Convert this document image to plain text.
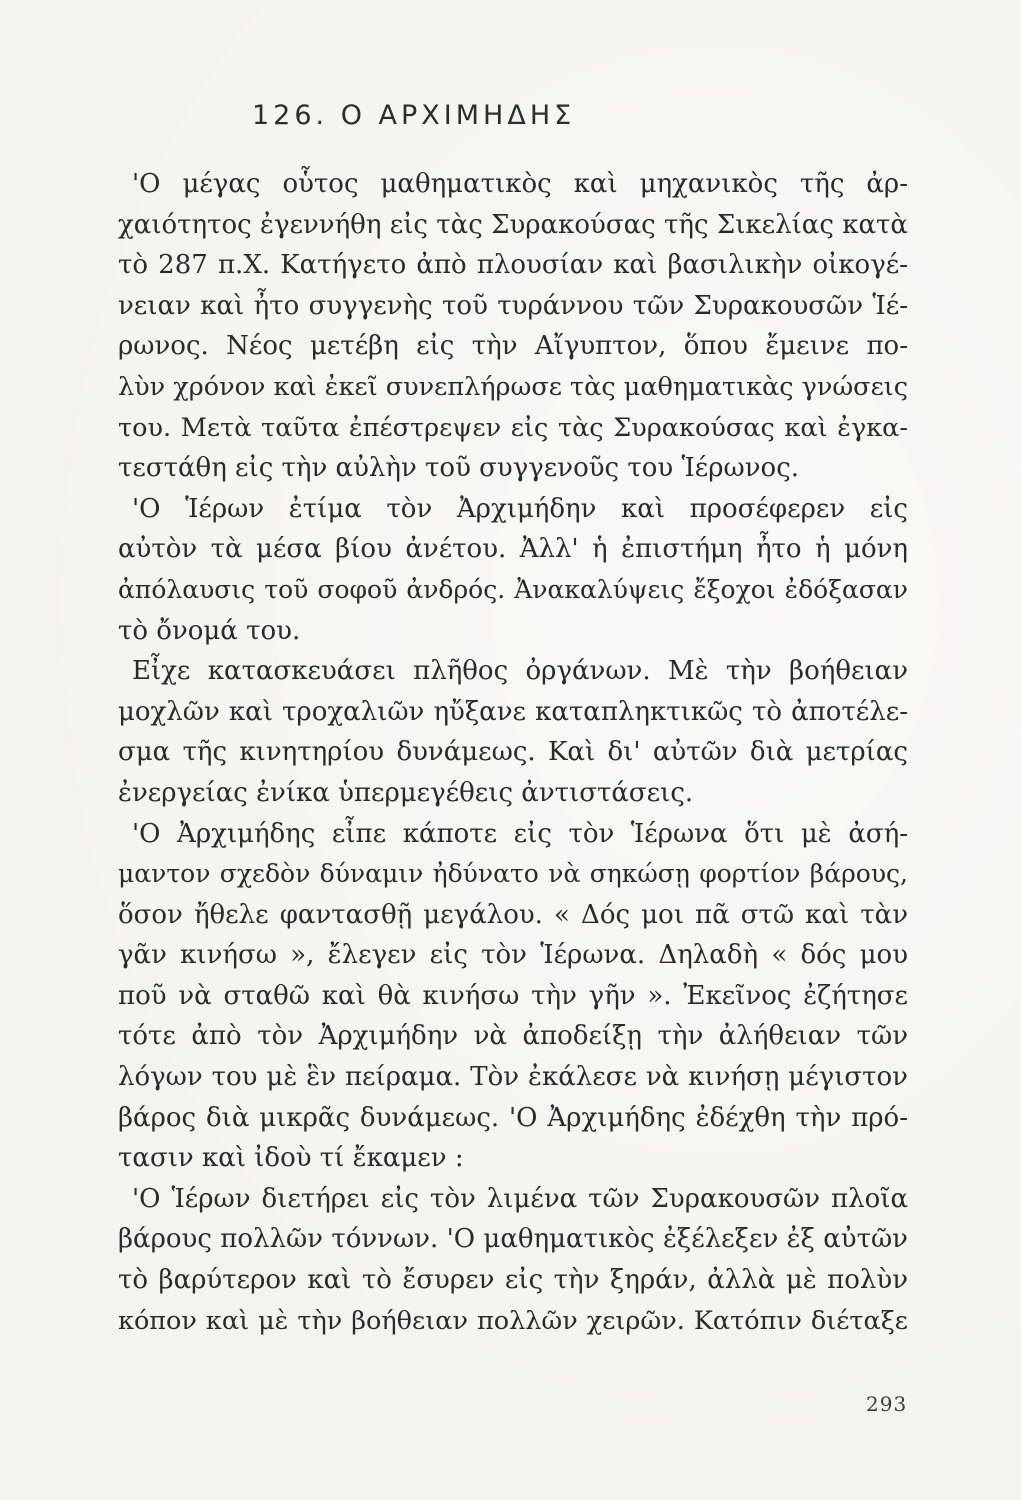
126. Ο ΑΡΧΙΜΗΔΗΣ
'Ο μέγας οὗτος μαθηματικὸς καὶ μηχανικὸς τῆς ἀρ-
χαιότητος ἐγεννήθη εἰς τὰς Συρακούσας τῆς Σικελίας κατὰ
τὸ 287 π.Χ. Κατήγετο ἀπὸ πλουσίαν καὶ βασιλικὴν οἰκογέ-
νειαν καὶ ἦτο συγγενὴς τοῦ τυράννου τῶν Συρακουσῶν Ἱέ-
ρωνος. Νέος μετέβη εἰς τὴν Αἴγυπτον, ὅπου ἔμεινε πο-
λὺν χρόνον καὶ ἐκεῖ συνεπλήρωσε τὰς μαθηματικὰς γνώσεις
του. Μετὰ ταῦτα ἐπέστρεψεν εἰς τὰς Συρακούσας καὶ ἐγκα-
τεστάθη εἰς τὴν αὐλὴν τοῦ συγγενοῦς του Ἱέρωνος.
'Ο Ἱέρων ἐτίμα τὸν Ἀρχιμήδην καὶ προσέφερεν εἰς
αὐτὸν τὰ μέσα βίου ἀνέτου. Ἀλλ' ἡ ἐπιστήμη ἦτο ἡ μόνη
ἀπόλαυσις τοῦ σοφοῦ ἀνδρός. Ἀνακαλύψεις ἔξοχοι ἐδόξασαν
τὸ ὄνομά του.
Εἶχε κατασκευάσει πλῆθος ὀργάνων. Μὲ τὴν βοήθειαν
μοχλῶν καὶ τροχαλιῶν ηὔξανε καταπληκτικῶς τὸ ἀποτέλε-
σμα τῆς κινητηρίου δυνάμεως. Καὶ δι' αὐτῶν διὰ μετρίας
ἐνεργείας ἐνίκα ὑπερμεγέθεις ἀντιστάσεις.
'Ο Ἀρχιμήδης εἶπε κάποτε εἰς τὸν Ἱέρωνα ὅτι μὲ ἀσή-
μαντον σχεδὸν δύναμιν ἠδύνατο νὰ σηκώσῃ φορτίον βάρους,
ὅσον ἤθελε φαντασθῇ μεγάλου. « Δός μοι πᾶ στῶ καὶ τὰν
γᾶν κινήσω », ἔλεγεν εἰς τὸν Ἱέρωνα. Δηλαδὴ « δός μου
ποῦ νὰ σταθῶ καὶ θὰ κινήσω τὴν γῆν ». Ἐκεῖνος ἐζήτησε
τότε ἀπὸ τὸν Ἀρχιμήδην νὰ ἀποδείξῃ τὴν ἀλήθειαν τῶν
λόγων του μὲ ἓν πείραμα. Τὸν ἐκάλεσε νὰ κινήσῃ μέγιστον
βάρος διὰ μικρᾶς δυνάμεως. 'Ο Ἀρχιμήδης ἐδέχθη τὴν πρό-
τασιν καὶ ἰδοὺ τί ἔκαμεν :
'Ο Ἱέρων διετήρει εἰς τὸν λιμένα τῶν Συρακουσῶν πλοῖα
βάρους πολλῶν τόννων. 'Ο μαθηματικὸς ἐξέλεξεν ἐξ αὐτῶν
τὸ βαρύτερον καὶ τὸ ἔσυρεν εἰς τὴν ξηράν, ἀλλὰ μὲ πολὺν
κόπον καὶ μὲ τὴν βοήθειαν πολλῶν χειρῶν. Κατόπιν διέταξε
293
